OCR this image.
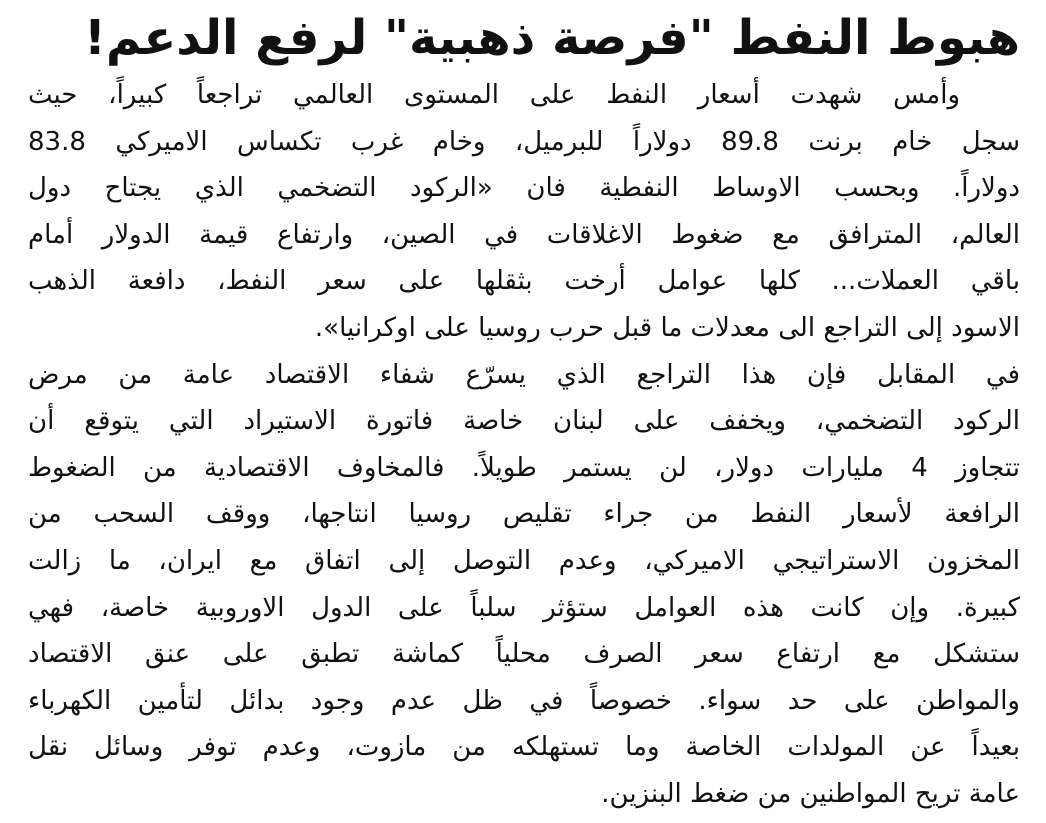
هبوط النفط "فرصة ذهبية" لرفع الدعم!
وأمس شهدت أسعار النفط على المستوى العالمي تراجعاً كبيراً، حيث
سجل خام برنت 89.8 دولاراً للبرميل، وخام غرب تكساس الاميركي 83.8
دولاراً. وبحسب الاوساط النفطية فان «الركود التضخمي الذي يجتاح دول
العالم، المترافق مع ضغوط الاغلاقات في الصين، وارتفاع قيمة الدولار أمام
باقي العملات... كلها عوامل أرخت بثقلها على سعر النفط، دافعة الذهب
الاسود إلى التراجع الى معدلات ما قبل حرب روسيا على اوكرانيا».
في المقابل فإن هذا التراجع الذي يسرّع شفاء الاقتصاد عامة من مرض
الركود التضخمي، ويخفف على لبنان خاصة فاتورة الاستيراد التي يتوقع أن
تتجاوز 4 مليارات دولار، لن يستمر طويلاً. فالمخاوف الاقتصادية من الضغوط
الرافعة لأسعار النفط من جراء تقليص روسيا انتاجها، ووقف السحب من
المخزون الاستراتيجي الاميركي، وعدم التوصل إلى اتفاق مع ايران، ما زالت
كبيرة. وإن كانت هذه العوامل ستؤثر سلباً على الدول الاوروبية خاصة، فهي
ستشكل مع ارتفاع سعر الصرف محلياً كماشة تطبق على عنق الاقتصاد
والمواطن على حد سواء. خصوصاً في ظل عدم وجود بدائل لتأمين الكهرباء
بعيداً عن المولدات الخاصة وما تستهلكه من مازوت، وعدم توفر وسائل نقل
عامة تريح المواطنين من ضغط البنزين.
